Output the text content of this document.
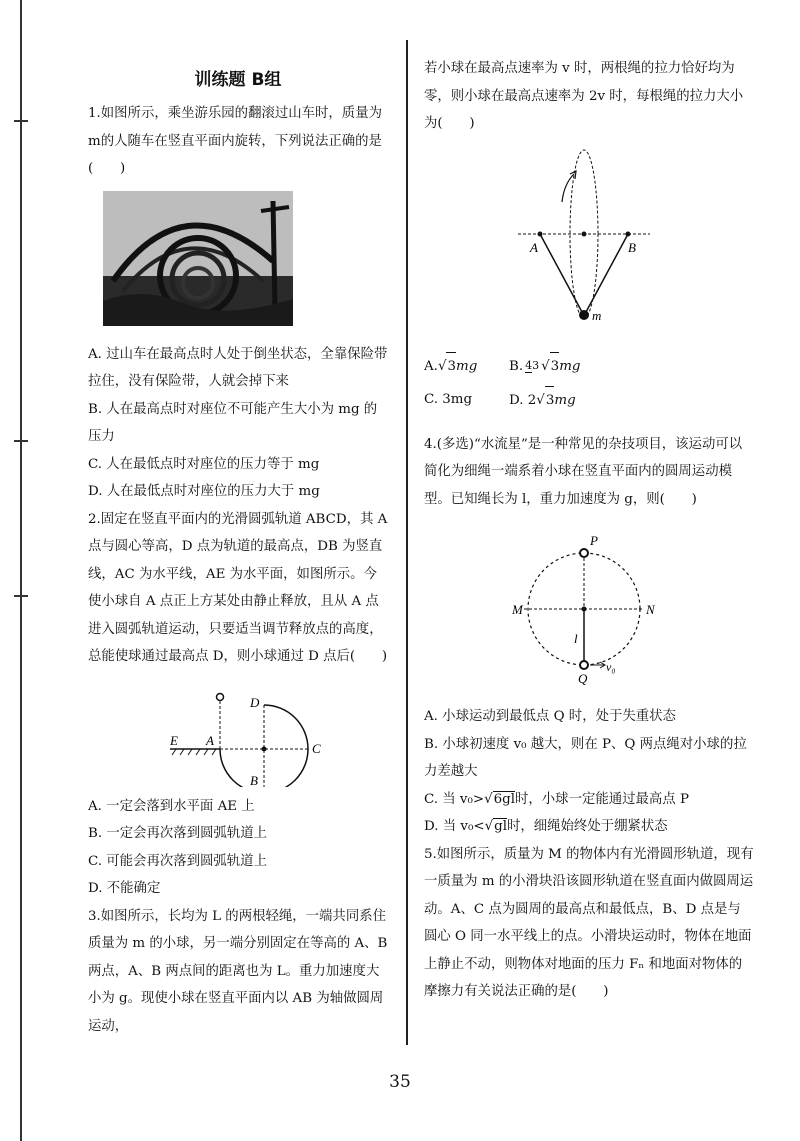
训练题 B组

1.如图所示，乘坐游乐园的翻滚过山车时，质量为m的人随车在竖直平面内旋转，下列说法正确的是(　　)

A. 过山车在最高点时人处于倒坐状态，全靠保险带拉住，没有保险带，人就会掉下来
B. 人在最高点时对座位不可能产生大小为 mg 的压力
C. 人在最低点时对座位的压力等于 mg
D. 人在最低点时对座位的压力大于 mg

2.固定在竖直平面内的光滑圆弧轨道 ABCD，其 A 点与圆心等高，D 点为轨道的最高点，DB 为竖直线，AC 为水平线，AE 为水平面，如图所示。今使小球自 A 点正上方某处由静止释放，且从 A 点进入圆弧轨道运动，只要适当调节释放点的高度，总能使球通过最高点 D，则小球通过 D 点后(　　)

E A
C
D
B
A. 一定会落到水平面 AE 上
B. 一定会再次落到圆弧轨道上
C. 可能会再次落到圆弧轨道上
D. 不能确定

3.如图所示，长均为 L 的两根轻绳，一端共同系住质量为 m 的小球，另一端分别固定在等高的 A、B 两点，A、B 两点间的距离也为 L。重力加速度大小为 g。现使小球在竖直平面内以 AB 为轴做圆周运动，

若小球在最高点速率为 v 时，两根绳的拉力恰好均为零，则小球在最高点速率为 2v 时，每根绳的拉力大小为(　　)

A	B
m
A.√3mg	B. 43 √3mg
C. 3mg	D. 2√3mg

4.(多选)“水流星”是一种常见的杂技项目，该运动可以简化为细绳一端系着小球在竖直平面内的圆周运动模型。已知绳长为 l，重力加速度为 g，则(　　)

P
Q
M	N
l
v₀
A. 小球运动到最低点 Q 时，处于失重状态
B. 小球初速度 v₀ 越大，则在 P、Q 两点绳对小球的拉力差越大
C. 当 v₀>√6gl时，小球一定能通过最高点 P
D. 当 v₀<√gl时，细绳始终处于绷紧状态

5.如图所示，质量为 M 的物体内有光滑圆形轨道，现有一质量为 m 的小滑块沿该圆形轨道在竖直面内做圆周运动。A、C 点为圆周的最高点和最低点，B、D 点是与圆心 O 同一水平线上的点。小滑块运动时，物体在地面上静止不动，则物体对地面的压力 Fₙ 和地面对物体的摩擦力有关说法正确的是(　　)

35
